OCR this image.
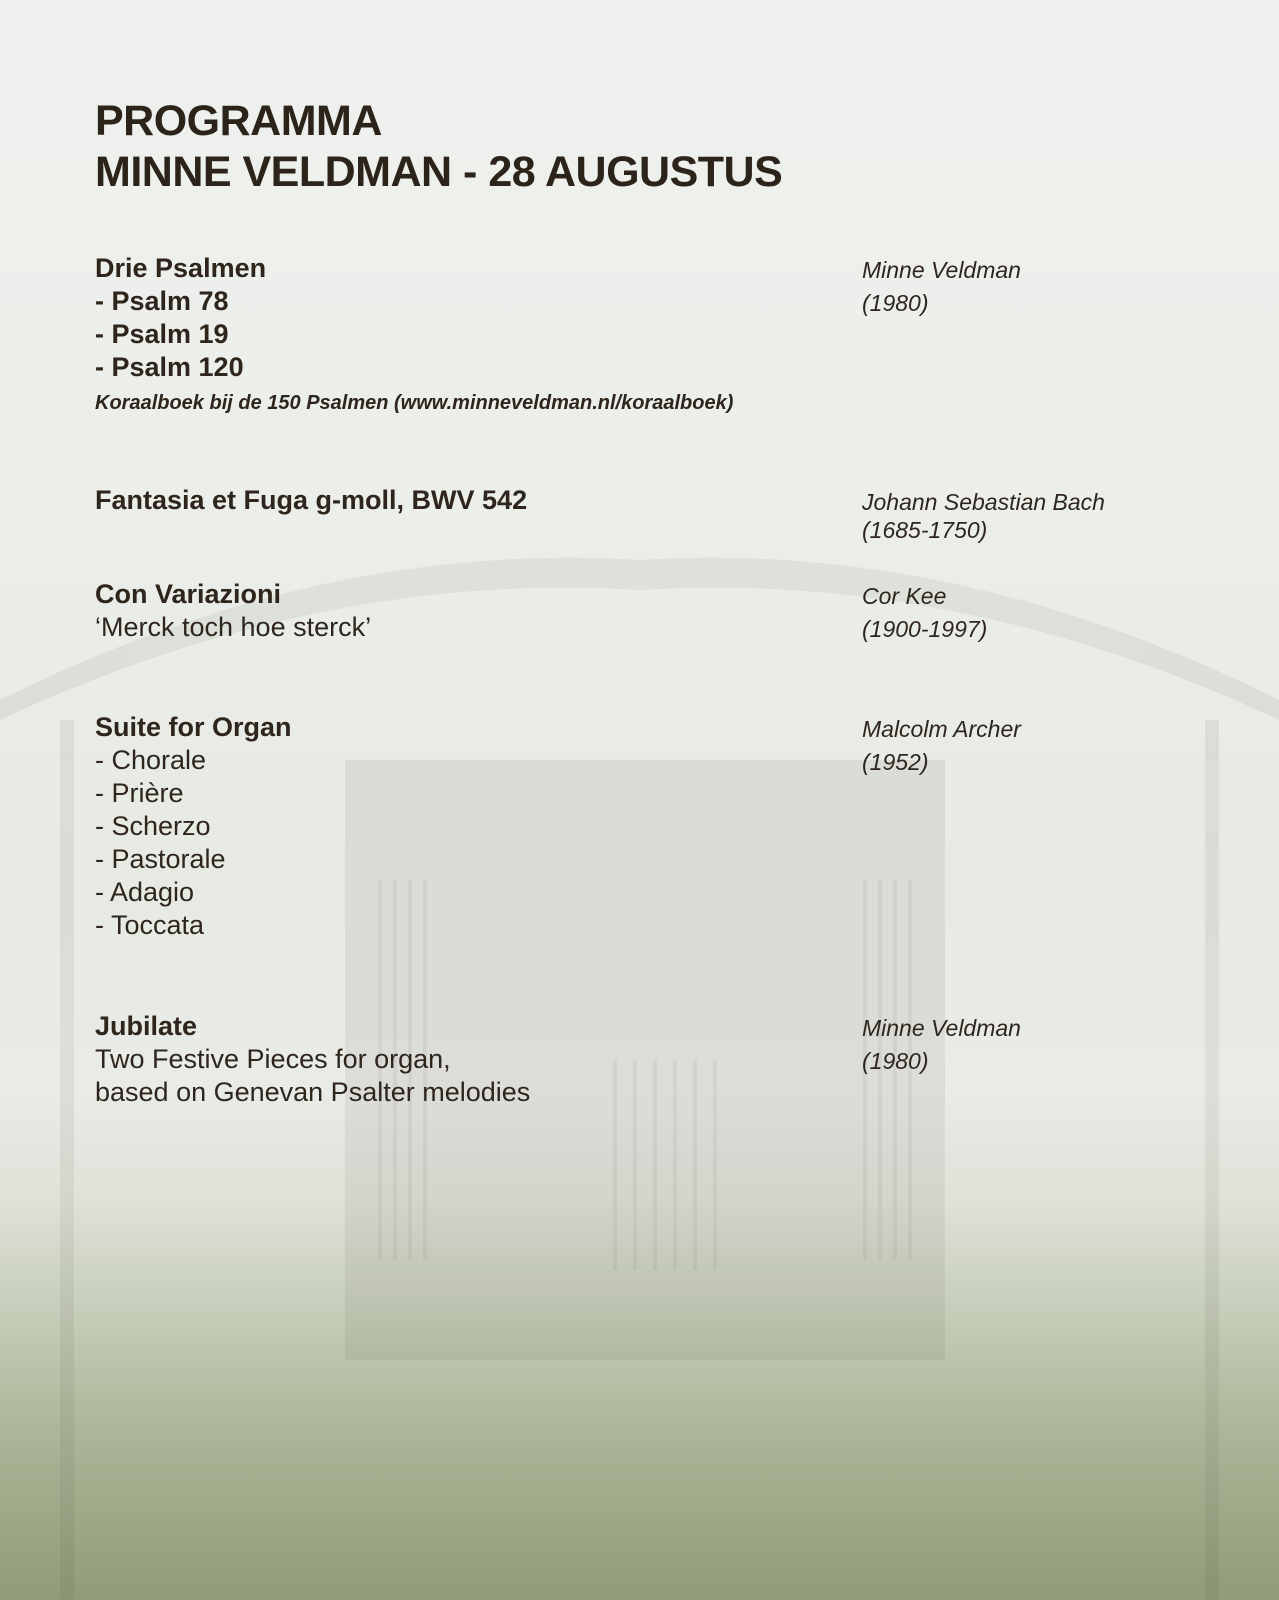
PROGRAMMA
MINNE VELDMAN - 28 AUGUSTUS
Drie Psalmen
- Psalm 78
- Psalm 19
- Psalm 120
Koraalboek bij de 150 Psalmen (www.minneveldman.nl/koraalboek)
Minne Veldman
(1980)
Fantasia et Fuga g-moll, BWV 542	Johann Sebastian Bach
(1685-1750)
Con Variazioni
‘Merck toch hoe sterck’
Cor Kee
(1900-1997)
Suite for Organ
- Chorale
- Prière
- Scherzo
- Pastorale
- Adagio
- Toccata
Malcolm Archer
(1952)
Jubilate
Two Festive Pieces for organ,
based on Genevan Psalter melodies
Minne Veldman
(1980)
